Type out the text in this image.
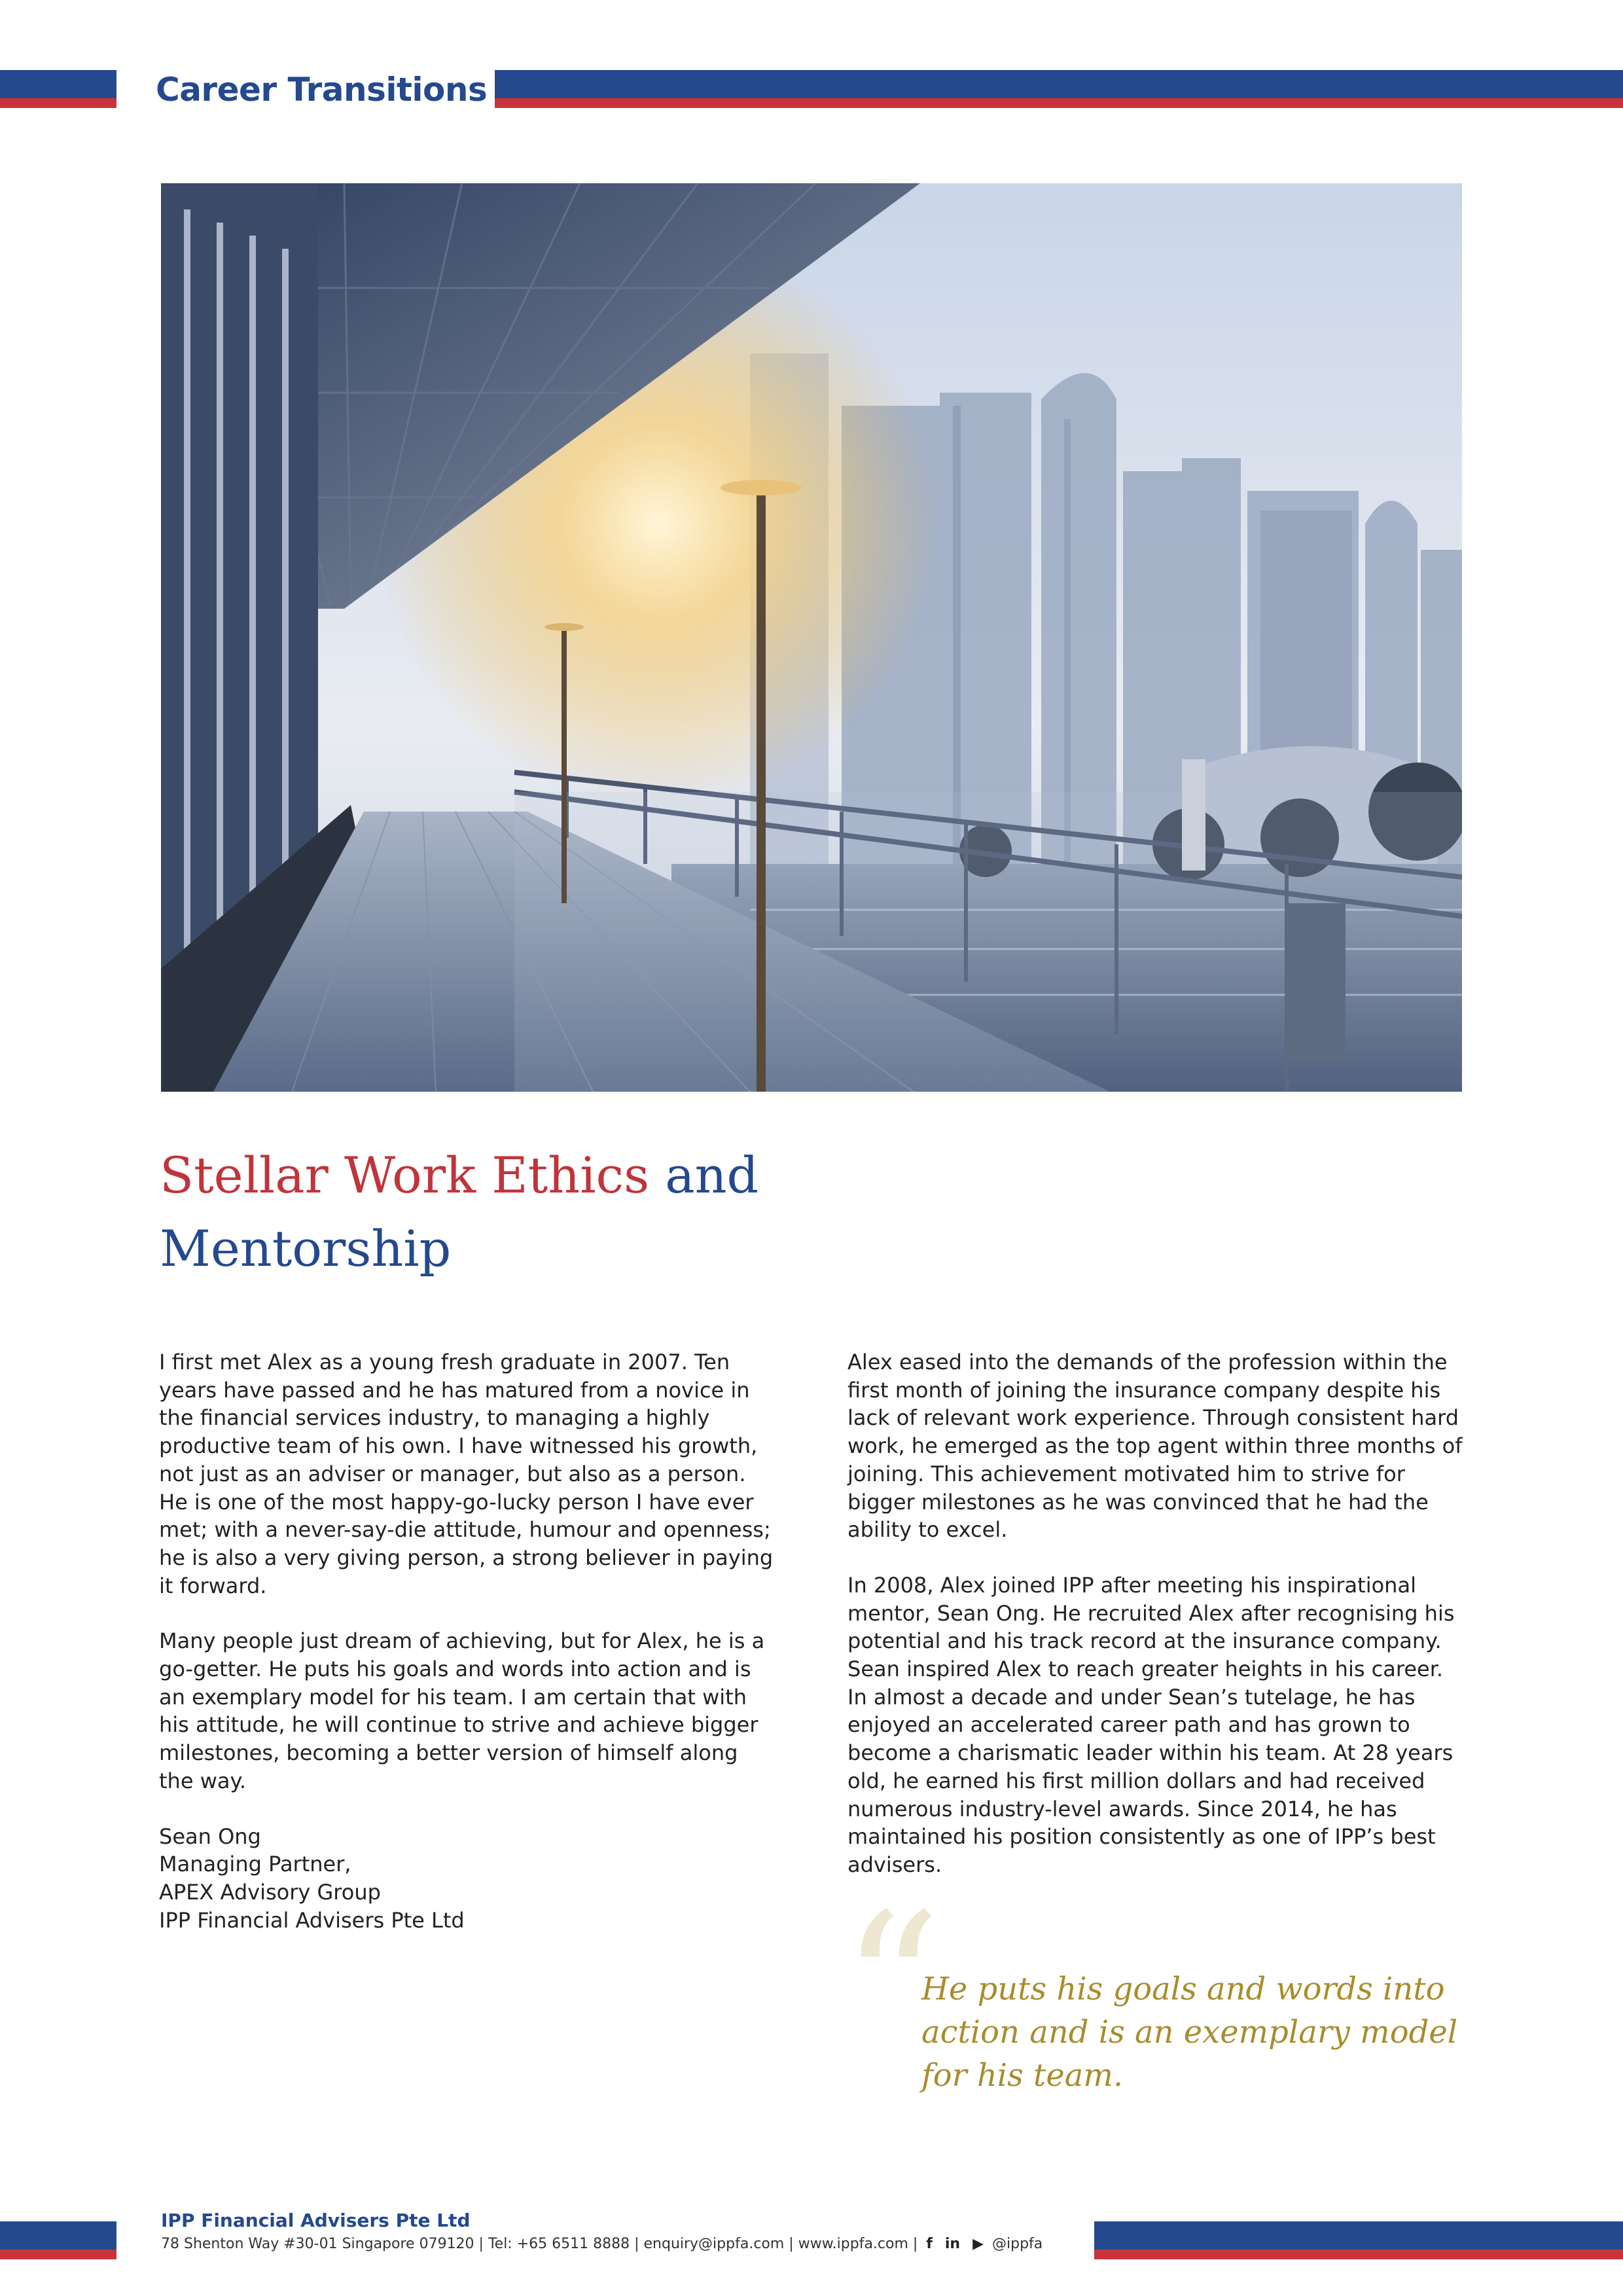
Career Transitions
Stellar Work Ethics and Mentorship

I first met Alex as a young fresh graduate in 2007. Ten years have passed and he has matured from a novice in the financial services industry, to managing a highly productive team of his own. I have witnessed his growth, not just as an adviser or manager, but also as a person. He is one of the most happy-go-lucky person I have ever met; with a never-say-die attitude, humour and openness; he is also a very giving person, a strong believer in paying it forward.

Many people just dream of achieving, but for Alex, he is a go-getter. He puts his goals and words into action and is an exemplary model for his team. I am certain that with his attitude, he will continue to strive and achieve bigger milestones, becoming a better version of himself along the way.

Sean Ong
Managing Partner,
APEX Advisory Group
IPP Financial Advisers Pte Ltd

Alex eased into the demands of the profession within the first month of joining the insurance company despite his lack of relevant work experience. Through consistent hard work, he emerged as the top agent within three months of joining. This achievement motivated him to strive for bigger milestones as he was convinced that he had the ability to excel.

In 2008, Alex joined IPP after meeting his inspirational mentor, Sean Ong. He recruited Alex after recognising his potential and his track record at the insurance company. Sean inspired Alex to reach greater heights in his career. In almost a decade and under Sean’s tutelage, he has enjoyed an accelerated career path and has grown to become a charismatic leader within his team. At 28 years old, he earned his first million dollars and had received numerous industry-level awards. Since 2014, he has maintained his position consistently as one of IPP’s best advisers.

“
He puts his goals and words into action and is an exemplary model for his team.
IPP Financial Advisers Pte Ltd
78 Shenton Way #30-01 Singapore 079120 | Tel: +65 6511 8888 | enquiry@ippfa.com | www.ippfa.com | f in ▶ @ippfa
